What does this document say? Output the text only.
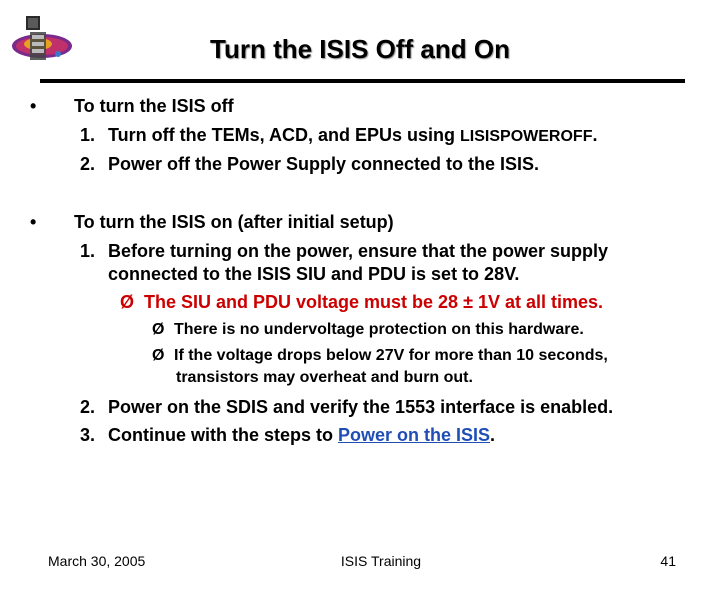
Turn the ISIS Off and On
• To turn the ISIS off
1. Turn off the TEMs, ACD, and EPUs using LISISPOWEROFF.
2. Power off the Power Supply connected to the ISIS.
• To turn the ISIS on (after initial setup)
1. Before turning on the power, ensure that the power supply
connected to the ISIS SIU and PDU is set to 28V.
Ø The SIU and PDU voltage must be 28 ± 1V at all times.
Ø There is no undervoltage protection on this hardware.
Ø If the voltage drops below 27V for more than 10 seconds,
transistors may overheat and burn out.
2. Power on the SDIS and verify the 1553 interface is enabled.
3. Continue with the steps to Power on the ISIS.
March 30, 2005	ISIS Training	41
